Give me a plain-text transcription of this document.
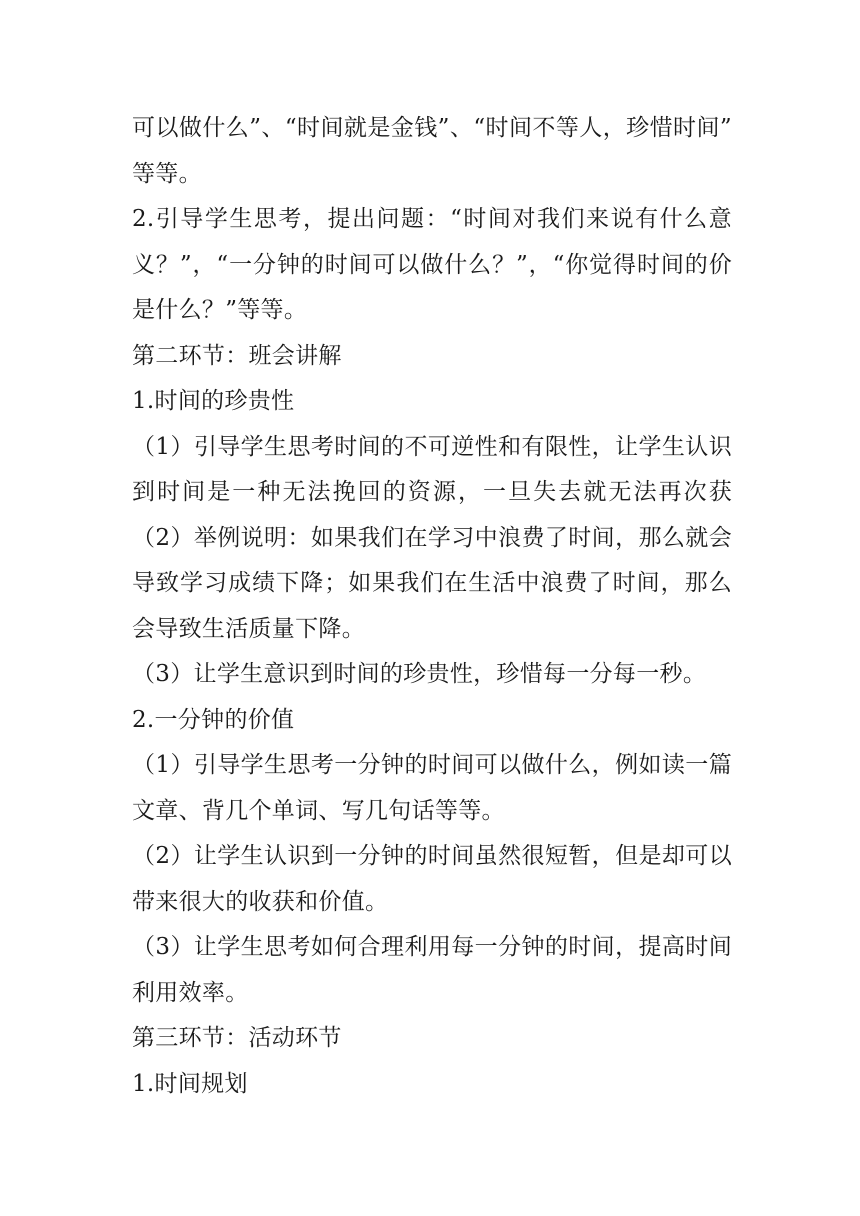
可以做什么”、“时间就是金钱”、“时间不等人，珍惜时间”
等等。
2.引导学生思考，提出问题：“时间对我们来说有什么意
义？”，“一分钟的时间可以做什么？”，“你觉得时间的价
是什么？”等等。
第二环节：班会讲解
1.时间的珍贵性
（1）引导学生思考时间的不可逆性和有限性，让学生认识
到时间是一种无法挽回的资源，一旦失去就无法再次获
（2）举例说明：如果我们在学习中浪费了时间，那么就会
导致学习成绩下降；如果我们在生活中浪费了时间，那么
会导致生活质量下降。
（3）让学生意识到时间的珍贵性，珍惜每一分每一秒。
2.一分钟的价值
（1）引导学生思考一分钟的时间可以做什么，例如读一篇
文章、背几个单词、写几句话等等。
（2）让学生认识到一分钟的时间虽然很短暂，但是却可以
带来很大的收获和价值。
（3）让学生思考如何合理利用每一分钟的时间，提高时间
利用效率。
第三环节：活动环节
1.时间规划
